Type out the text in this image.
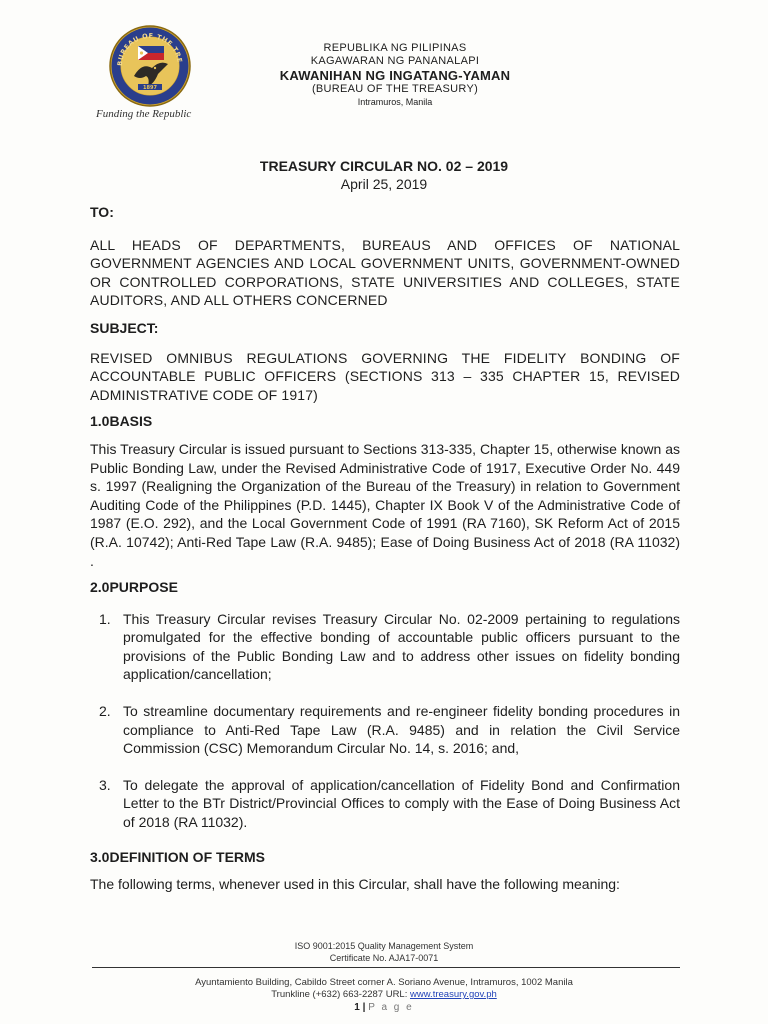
BUREAU OF THE TRE
1897
Funding the Republic
REPUBLIKA NG PILIPINAS
KAGAWARAN NG PANANALAPI
KAWANIHAN NG INGATANG-YAMAN
(BUREAU OF THE TREASURY)
Intramuros, Manila
TREASURY CIRCULAR NO. 02 – 2019
April 25, 2019
TO:
ALL HEADS OF DEPARTMENTS, BUREAUS AND OFFICES OF NATIONAL GOVERNMENT AGENCIES AND LOCAL GOVERNMENT UNITS, GOVERNMENT-OWNED OR CONTROLLED CORPORATIONS, STATE UNIVERSITIES AND COLLEGES, STATE AUDITORS, AND ALL OTHERS CONCERNED
SUBJECT:
REVISED OMNIBUS REGULATIONS GOVERNING THE FIDELITY BONDING OF ACCOUNTABLE PUBLIC OFFICERS (SECTIONS 313 – 335 CHAPTER 15, REVISED ADMINISTRATIVE CODE OF 1917)
1.0BASIS
This Treasury Circular is issued pursuant to Sections 313-335, Chapter 15, otherwise known as Public Bonding Law, under the Revised Administrative Code of 1917, Executive Order No. 449 s. 1997 (Realigning the Organization of the Bureau of the Treasury) in relation to Government Auditing Code of the Philippines (P.D. 1445), Chapter IX Book V of the Administrative Code of 1987 (E.O. 292), and the Local Government Code of 1991 (RA 7160), SK Reform Act of 2015 (R.A. 10742); Anti-Red Tape Law (R.A. 9485); Ease of Doing Business Act of 2018 (RA 11032) .
2.0PURPOSE
1. This Treasury Circular revises Treasury Circular No. 02-2009 pertaining to regulations promulgated for the effective bonding of accountable public officers pursuant to the provisions of the Public Bonding Law and to address other issues on fidelity bonding application/cancellation;
2. To streamline documentary requirements and re-engineer fidelity bonding procedures in compliance to Anti-Red Tape Law (R.A. 9485) and in relation the Civil Service Commission (CSC) Memorandum Circular No. 14, s. 2016; and,
3. To delegate the approval of application/cancellation of Fidelity Bond and Confirmation Letter to the BTr District/Provincial Offices to comply with the Ease of Doing Business Act of 2018 (RA 11032).
3.0DEFINITION OF TERMS
The following terms, whenever used in this Circular, shall have the following meaning:
ISO 9001:2015 Quality Management System
Certificate No. AJA17-0071
Ayuntamiento Building, Cabildo Street corner A. Soriano Avenue, Intramuros, 1002 Manila
Trunkline (+632) 663-2287 URL: www.treasury.gov.ph
1 | P a g e
